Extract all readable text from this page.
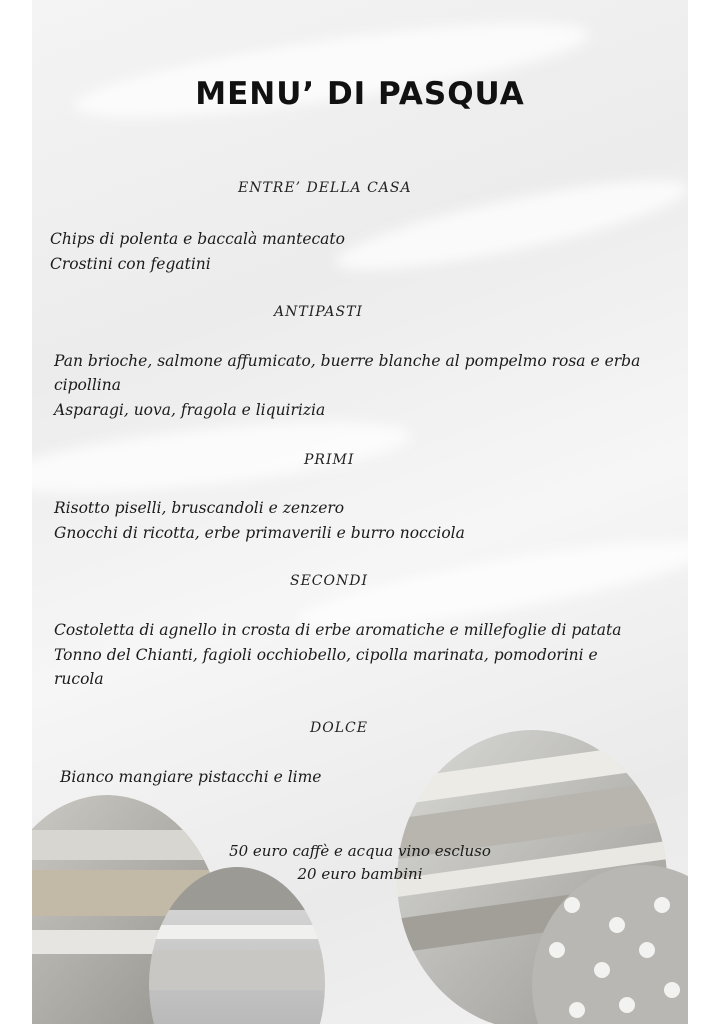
MENU’ DI PASQUA

ENTRE’ DELLA CASA

Chips di polenta e baccalà mantecato

Crostini con fegatini

ANTIPASTI

Pan brioche, salmone affumicato, buerre blanche al pompelmo rosa e erba

cipollina

Asparagi, uova, fragola e liquirizia

PRIMI

Risotto piselli, bruscandoli e zenzero

Gnocchi di ricotta, erbe primaverili e burro nocciola

SECONDI

Costoletta di agnello in crosta di erbe aromatiche e millefoglie di patata

Tonno del Chianti, fagioli occhiobello, cipolla marinata, pomodorini e

rucola

DOLCE

Bianco mangiare pistacchi e lime

50 euro caffè e acqua vino escluso

20 euro bambini
